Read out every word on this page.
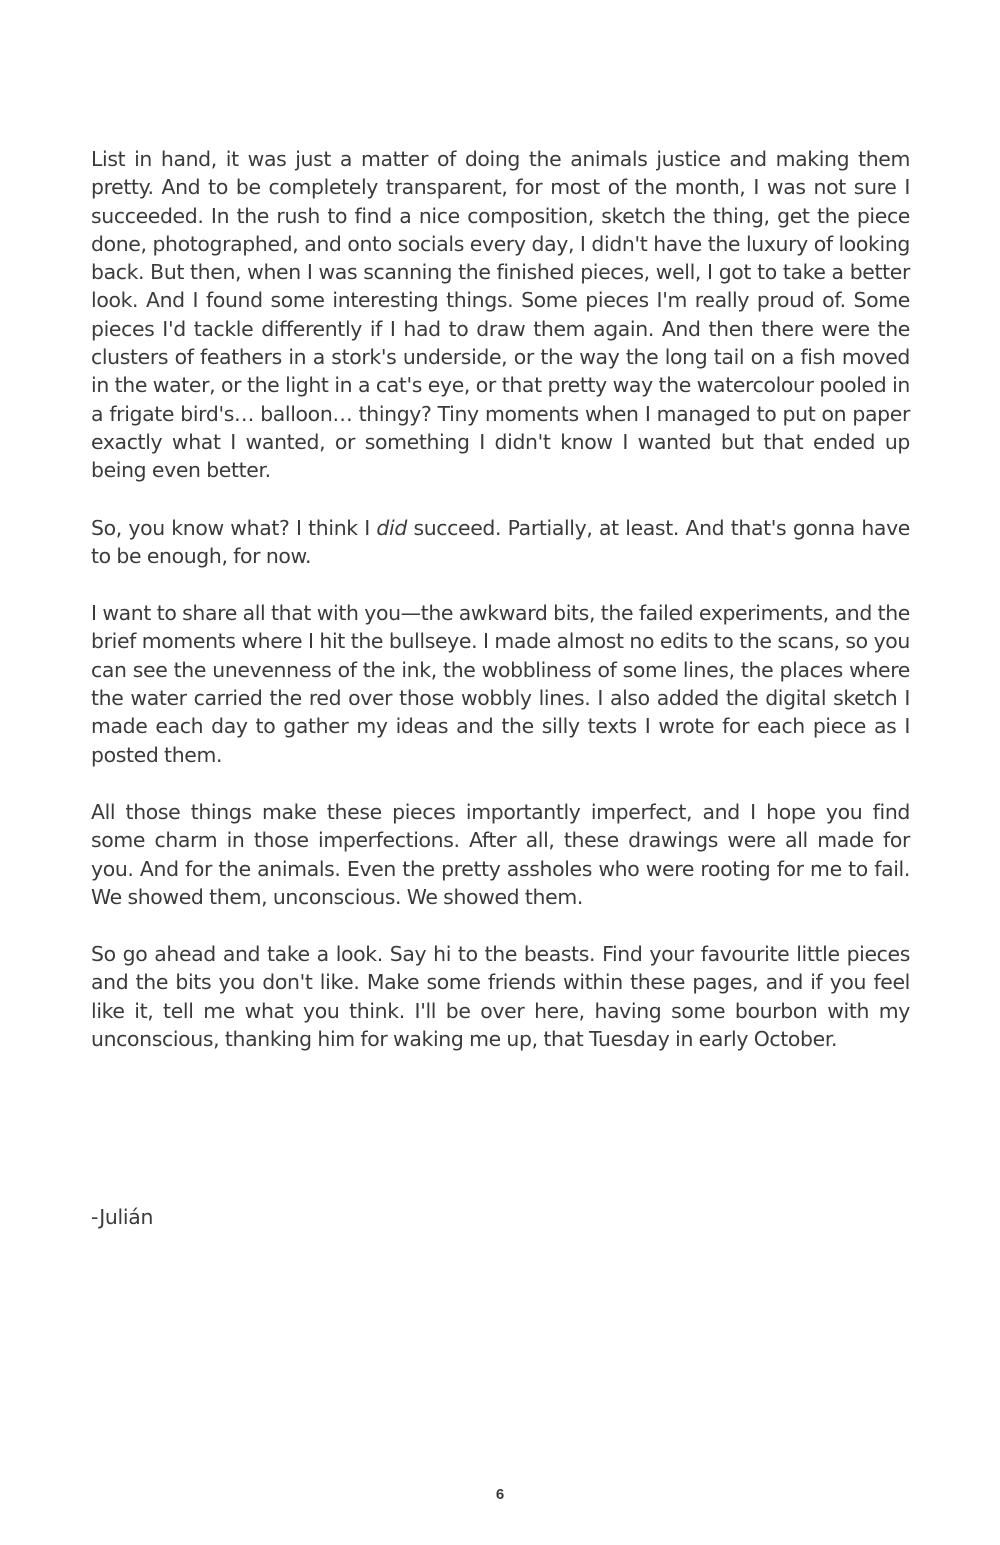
List in hand, it was just a matter of doing the animals justice and making them pretty. And to be completely transparent, for most of the month, I was not sure I succeeded. In the rush to find a nice composition, sketch the thing, get the piece done, photographed, and onto socials every day, I didn't have the luxury of looking back. But then, when I was scanning the finished pieces, well, I got to take a better look. And I found some interesting things. Some pieces I'm really proud of. Some pieces I'd tackle differently if I had to draw them again. And then there were the clusters of feathers in a stork's underside, or the way the long tail on a fish moved in the water, or the light in a cat's eye, or that pretty way the watercolour pooled in a frigate bird's… balloon… thingy? Tiny moments when I managed to put on paper exactly what I wanted, or something I didn't know I wanted but that ended up being even better.

So, you know what? I think I did succeed. Partially, at least. And that's gonna have to be enough, for now.

I want to share all that with you—the awkward bits, the failed experiments, and the brief moments where I hit the bullseye. I made almost no edits to the scans, so you can see the unevenness of the ink, the wobbliness of some lines, the places where the water carried the red over those wobbly lines. I also added the digital sketch I made each day to gather my ideas and the silly texts I wrote for each piece as I posted them.

All those things make these pieces importantly imperfect, and I hope you find some charm in those imperfections. After all, these drawings were all made for you. And for the animals. Even the pretty assholes who were rooting for me to fail. We showed them, unconscious. We showed them.

So go ahead and take a look. Say hi to the beasts. Find your favourite little pieces and the bits you don't like. Make some friends within these pages, and if you feel like it, tell me what you think. I'll be over here, having some bourbon with my unconscious, thanking him for waking me up, that Tuesday in early October.

-Julián

6
